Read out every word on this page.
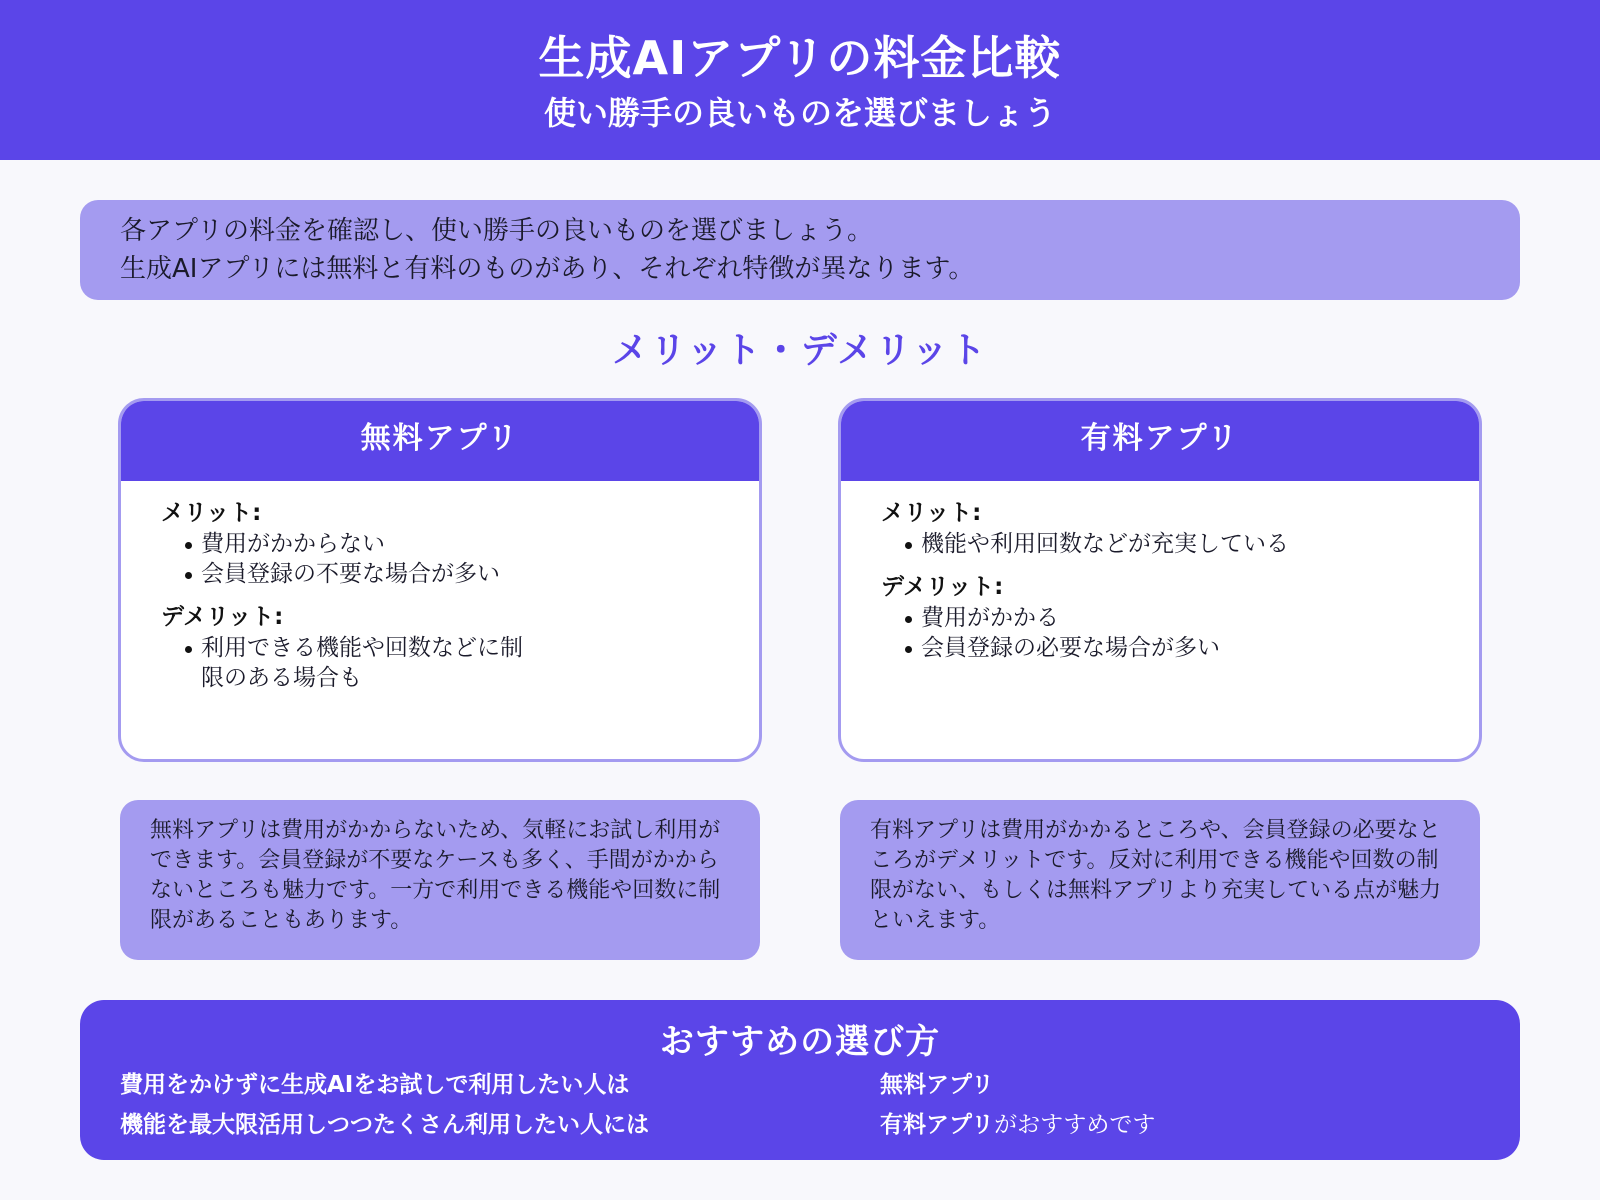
生成AIアプリの料金比較
使い勝手の良いものを選びましょう
各アプリの料金を確認し、使い勝手の良いものを選びましょう。
生成AIアプリには無料と有料のものがあり、それぞれ特徴が異なります。
メリット・デメリット
無料アプリ
メリット:
費用がかからない
会員登録の不要な場合が多い
デメリット:
利用できる機能や回数などに制限のある場合も
有料アプリ
メリット:
機能や利用回数などが充実している
デメリット:
費用がかかる
会員登録の必要な場合が多い
無料アプリは費用がかからないため、気軽にお試し利用ができます。会員登録が不要なケースも多く、手間がかからないところも魅力です。一方で利用できる機能や回数に制限があることもあります。
有料アプリは費用がかかるところや、会員登録の必要なところがデメリットです。反対に利用できる機能や回数の制限がない、もしくは無料アプリより充実している点が魅力といえます。
おすすめの選び方
費用をかけずに生成AIをお試しで利用したい人は	無料アプリ
機能を最大限活用しつつたくさん利用したい人には	有料アプリがおすすめです
